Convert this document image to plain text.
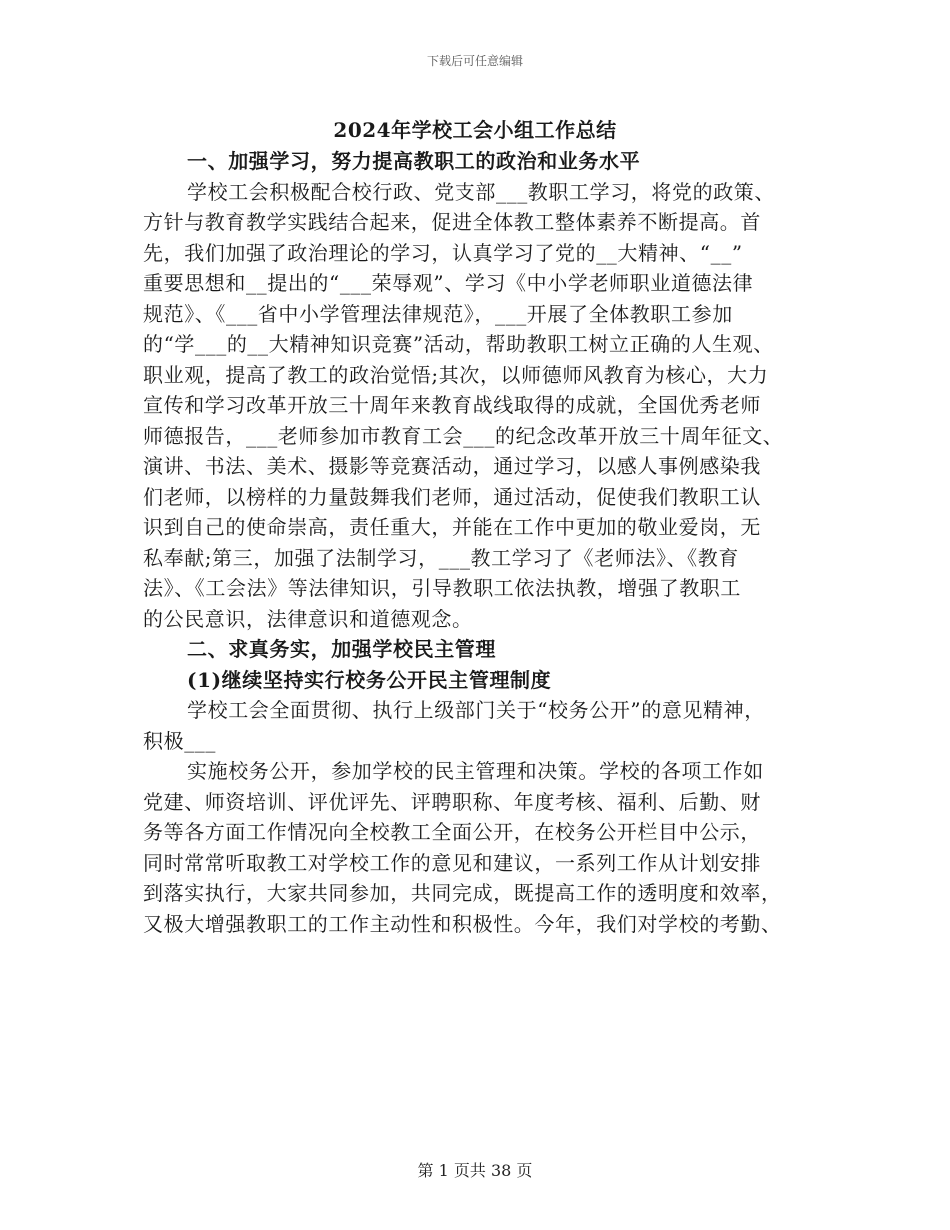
下载后可任意编辑
2024年学校工会小组工作总结
一、加强学习，努力提高教职工的政治和业务水平
学校工会积极配合校行政、党支部___教职工学习，将党的政策、
方针与教育教学实践结合起来，促进全体教工整体素养不断提高。首
先，我们加强了政治理论的学习，认真学习了党的__大精神、“__”
重要思想和__提出的“___荣辱观”、学习《中小学老师职业道德法律
规范》、《___省中小学管理法律规范》，___开展了全体教职工参加
的“学___的__大精神知识竞赛”活动，帮助教职工树立正确的人生观、
职业观，提高了教工的政治觉悟;其次，以师德师风教育为核心，大力
宣传和学习改革开放三十周年来教育战线取得的成就，全国优秀老师
师德报告，___老师参加市教育工会___的纪念改革开放三十周年征文、
演讲、书法、美术、摄影等竞赛活动，通过学习，以感人事例感染我
们老师，以榜样的力量鼓舞我们老师，通过活动，促使我们教职工认
识到自己的使命崇高，责任重大，并能在工作中更加的敬业爱岗，无
私奉献;第三，加强了法制学习，___教工学习了《老师法》、《教育
法》、《工会法》等法律知识，引导教职工依法执教，增强了教职工
的公民意识，法律意识和道德观念。
二、求真务实，加强学校民主管理
(1)继续坚持实行校务公开民主管理制度
学校工会全面贯彻、执行上级部门关于“校务公开”的意见精神，
积极___
实施校务公开，参加学校的民主管理和决策。学校的各项工作如
党建、师资培训、评优评先、评聘职称、年度考核、福利、后勤、财
务等各方面工作情况向全校教工全面公开，在校务公开栏目中公示，
同时常常听取教工对学校工作的意见和建议，一系列工作从计划安排
到落实执行，大家共同参加，共同完成，既提高工作的透明度和效率，
又极大增强教职工的工作主动性和积极性。今年，我们对学校的考勤、
第 1 页共 38 页
